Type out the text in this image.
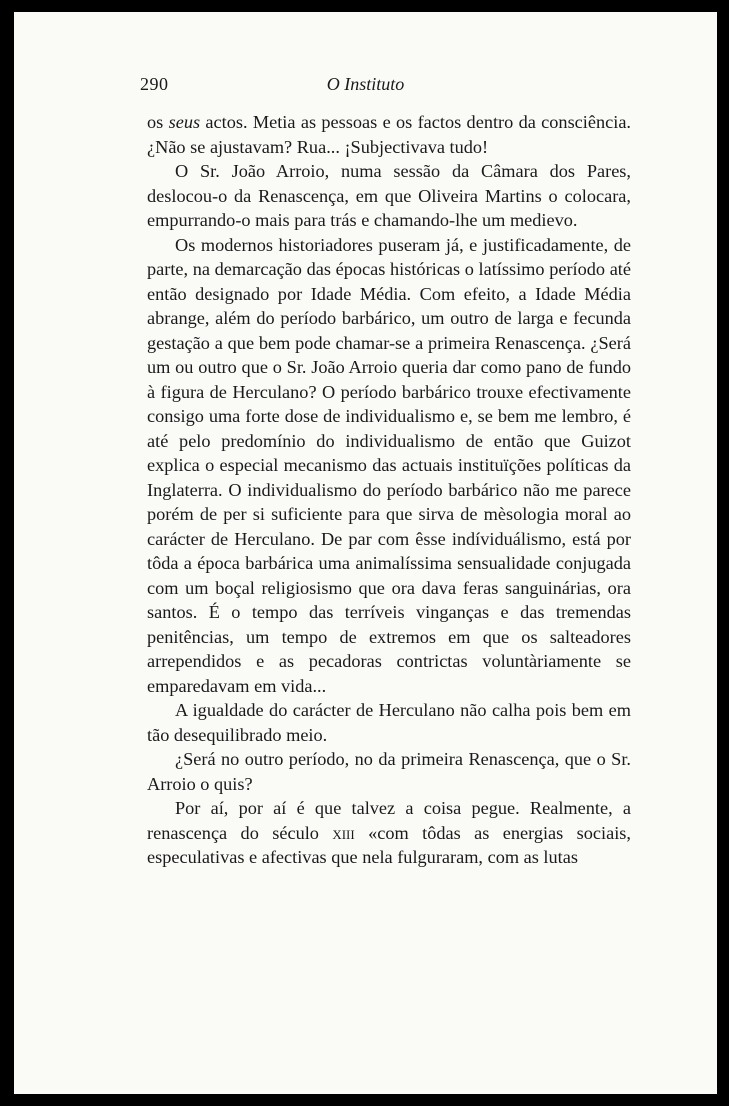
290	O Instituto

os seus actos. Metia as pessoas e os factos dentro da consciência. ¿Não se ajustavam? Rua... ¡Subjectivava tudo!

O Sr. João Arroio, numa sessão da Câmara dos Pares, deslocou-o da Renascença, em que Oliveira Martins o colocara, empurrando-o mais para trás e chamando-lhe um medievo.

Os modernos historiadores puseram já, e justificadamente, de parte, na demarcação das épocas históricas o latíssimo período até então designado por Idade Média. Com efeito, a Idade Média abrange, além do período barbárico, um outro de larga e fecunda gestação a que bem pode chamar-se a primeira Renascença. ¿Será um ou outro que o Sr. João Arroio queria dar como pano de fundo à figura de Herculano? O período barbárico trouxe efectivamente consigo uma forte dose de individualismo e, se bem me lembro, é até pelo predomínio do individualismo de então que Guizot explica o especial mecanismo das actuais instituïções políticas da Inglaterra. O individualismo do período barbárico não me parece porém de per si suficiente para que sirva de mèsologia moral ao carácter de Herculano. De par com êsse indíviduálismo, está por tôda a época barbárica uma animalíssima sensualidade conjugada com um boçal religiosismo que ora dava feras sanguinárias, ora santos. É o tempo das terríveis vinganças e das tremendas penitências, um tempo de extremos em que os salteadores arrependidos e as pecadoras contrictas voluntàriamente se emparedavam em vida...

A igualdade do carácter de Herculano não calha pois bem em tão desequilibrado meio.

¿Será no outro período, no da primeira Renascença, que o Sr. Arroio o quis?

Por aí, por aí é que talvez a coisa pegue. Realmente, a renascença do século xiii «com tôdas as energias sociais, especulativas e afectivas que nela fulguraram, com as lutas
